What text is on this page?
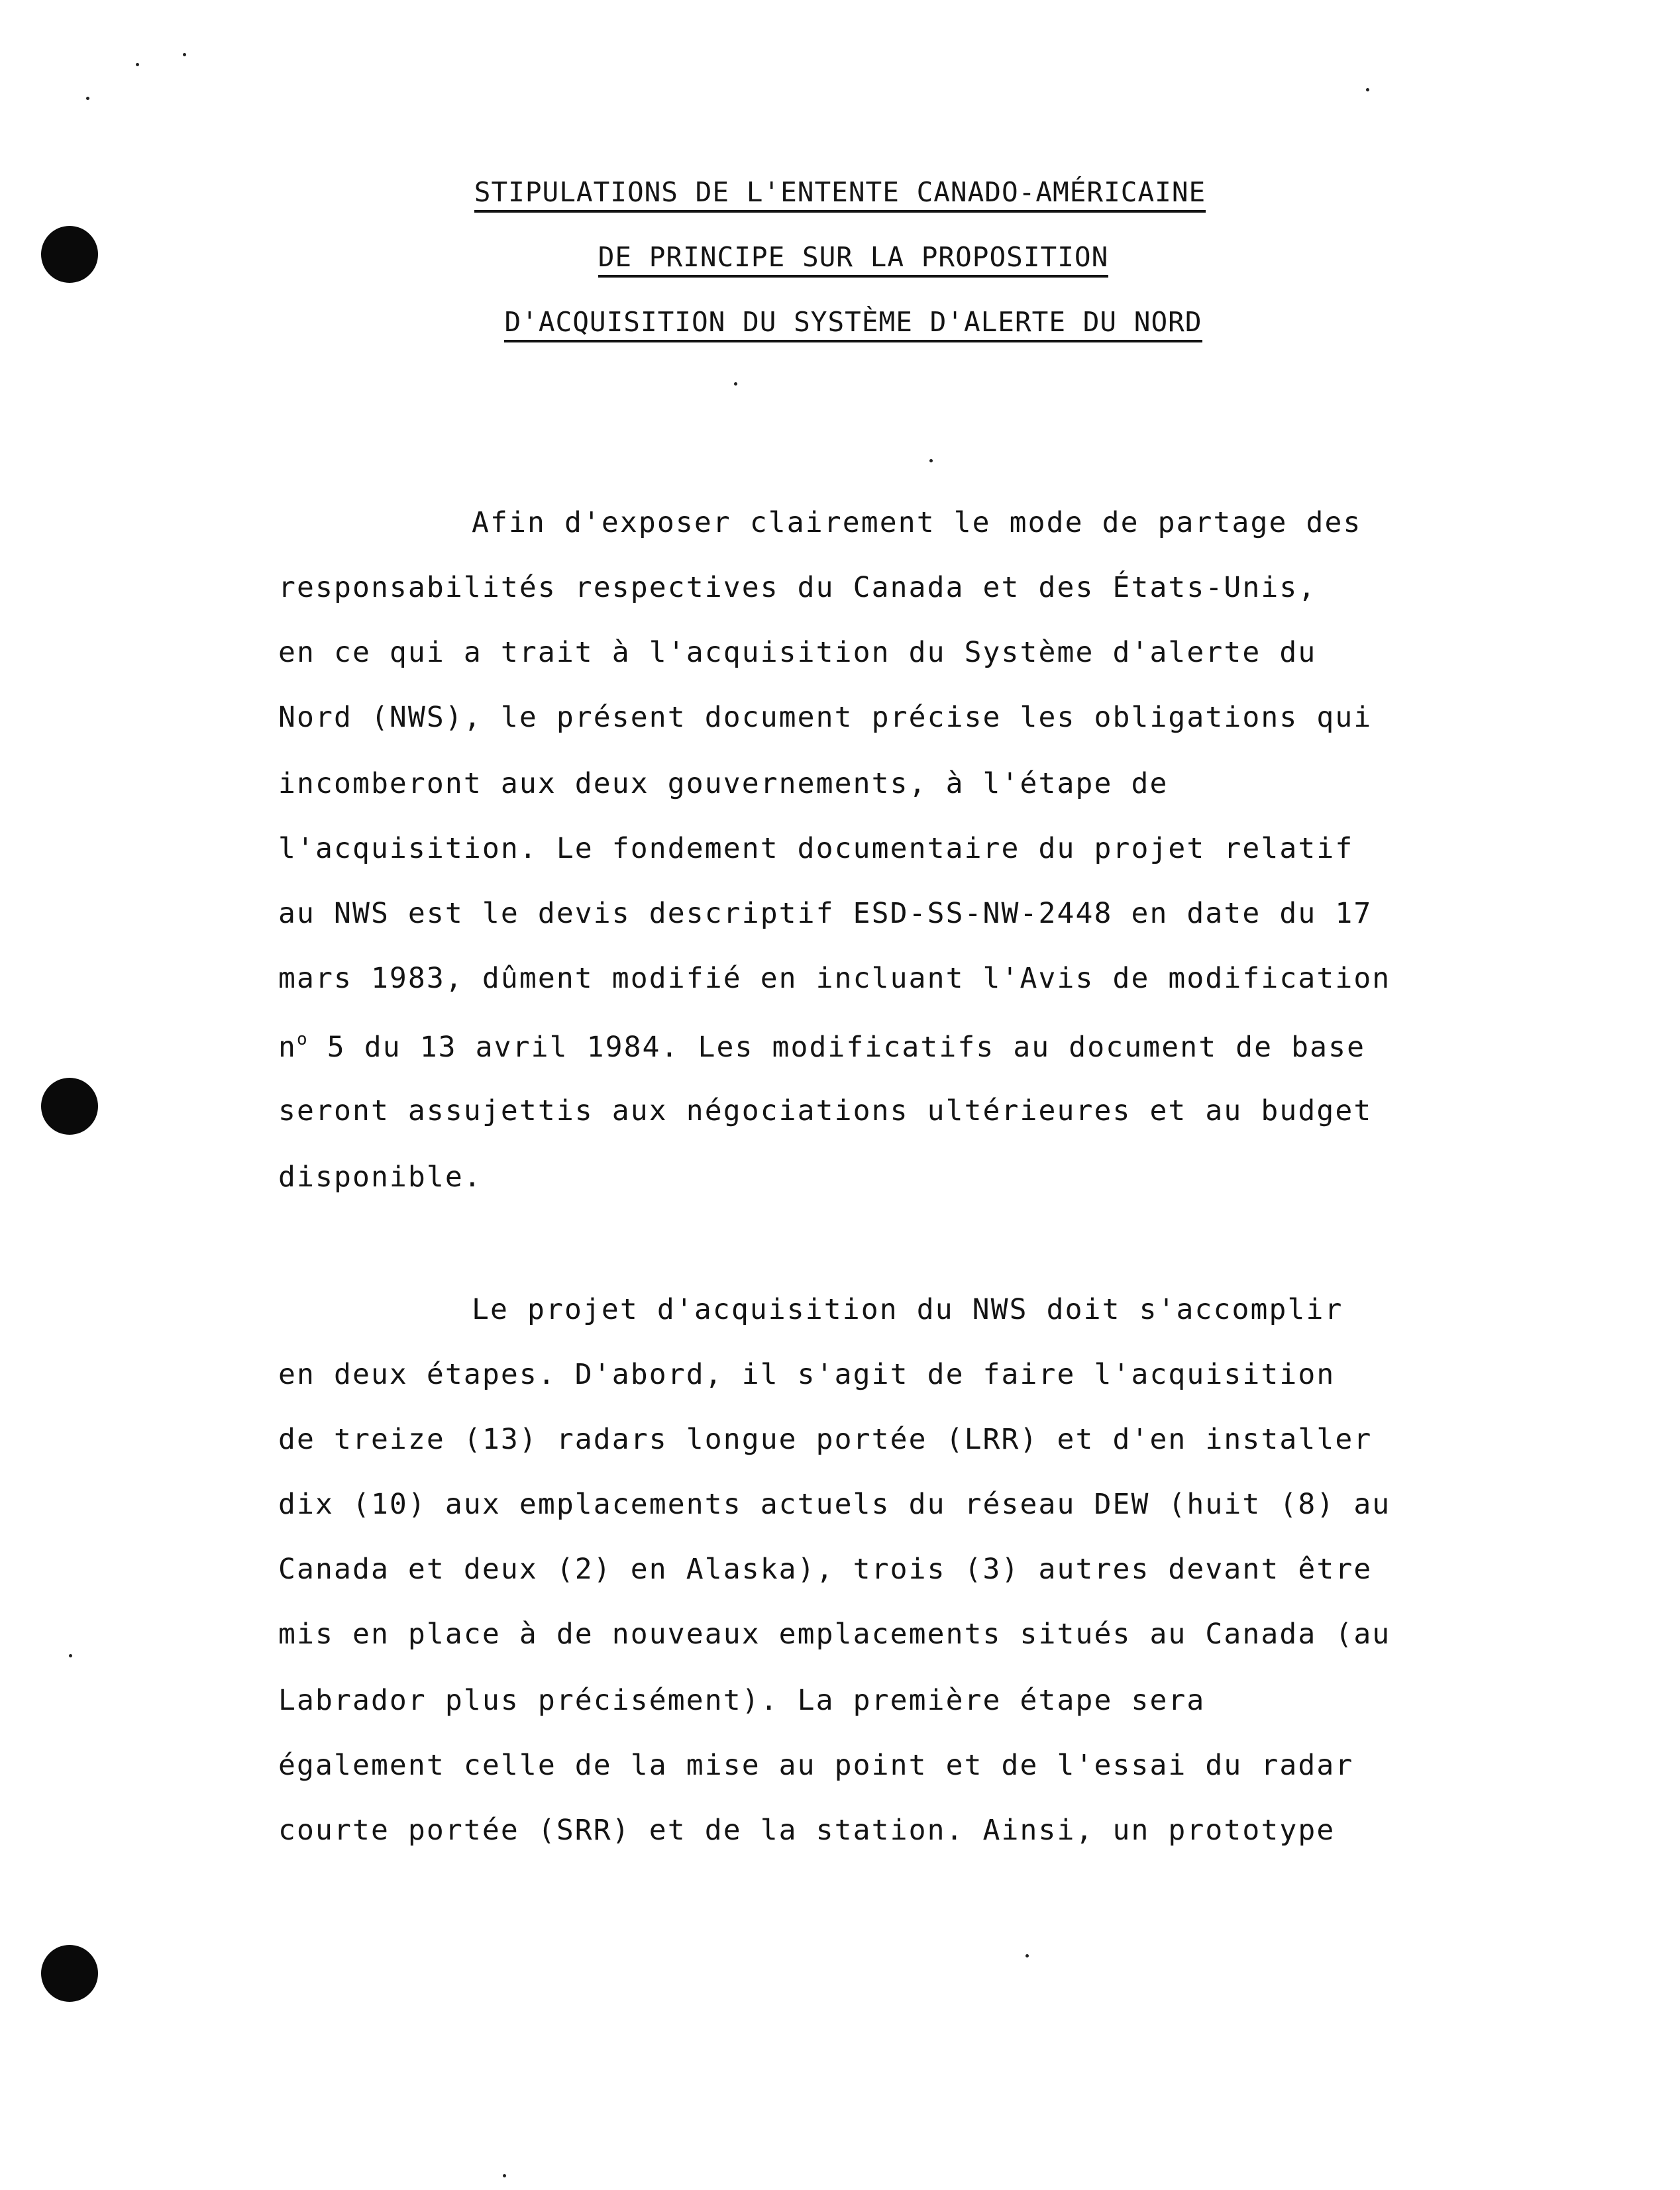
STIPULATIONS DE L'ENTENTE CANADO-AMÉRICAINE
DE PRINCIPE SUR LA PROPOSITION
D'ACQUISITION DU SYSTÈME D'ALERTE DU NORD
Afin d'exposer clairement le mode de partage des
responsabilités respectives du Canada et des États-Unis,
en ce qui a trait à l'acquisition du Système d'alerte du
Nord (NWS), le présent document précise les obligations qui
incomberont aux deux gouvernements, à l'étape de
l'acquisition. Le fondement documentaire du projet relatif
au NWS est le devis descriptif ESD-SS-NW-2448 en date du 17
mars 1983, dûment modifié en incluant l'Avis de modification
$n^o$ 5 du 13 avril 1984. Les modificatifs au document de base
seront assujettis aux négociations ultérieures et au budget
disponible.
Le projet d'acquisition du NWS doit s'accomplir
en deux étapes. D'abord, il s'agit de faire l'acquisition
de treize (13) radars longue portée (LRR) et d'en installer
dix (10) aux emplacements actuels du réseau DEW (huit (8) au
Canada et deux (2) en Alaska), trois (3) autres devant être
mis en place à de nouveaux emplacements situés au Canada (au
Labrador plus précisément). La première étape sera
également celle de la mise au point et de l'essai du radar
courte portée (SRR) et de la station. Ainsi, un prototype
